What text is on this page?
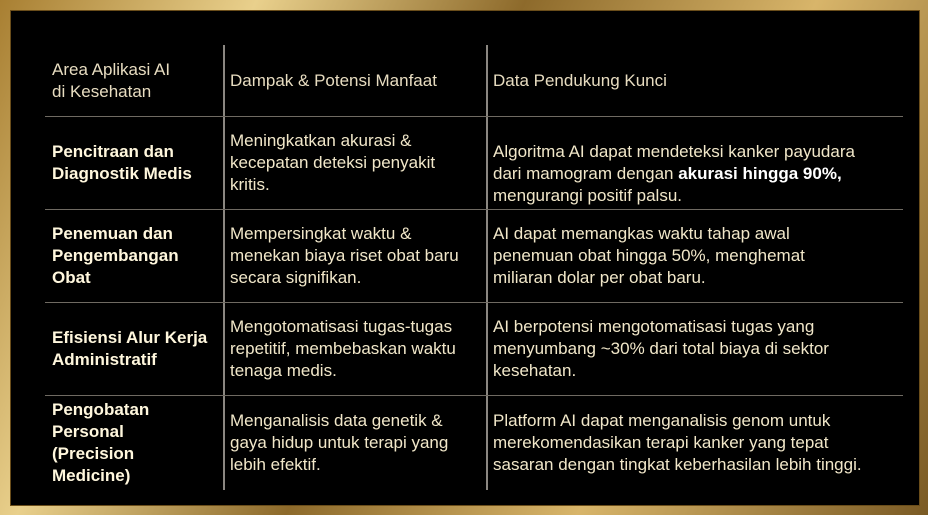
Area Aplikasi AI
di Kesehatan
Dampak & Potensi Manfaat	Data Pendukung Kunci
Pencitraan dan
Diagnostik Medis
Meningkatkan akurasi &
kecepatan deteksi penyakit
kritis.

Algoritma AI dapat mendeteksi kanker payudara
dari mamogram dengan akurasi hingga 90%,
mengurangi positif palsu.

Penemuan dan
Pengembangan
Obat
Mempersingkat waktu &
menekan biaya riset obat baru
secara signifikan.
AI dapat memangkas waktu tahap awal
penemuan obat hingga 50%, menghemat
miliaran dolar per obat baru.
Efisiensi Alur Kerja
Administratif
Mengotomatisasi tugas-tugas
repetitif, membebaskan waktu
tenaga medis.
AI berpotensi mengotomatisasi tugas yang
menyumbang ~30% dari total biaya di sektor
kesehatan.
Pengobatan
Personal
(Precision
Medicine)
Menganalisis data genetik &
gaya hidup untuk terapi yang
lebih efektif.
Platform AI dapat menganalisis genom untuk
merekomendasikan terapi kanker yang tepat
sasaran dengan tingkat keberhasilan lebih tinggi.
